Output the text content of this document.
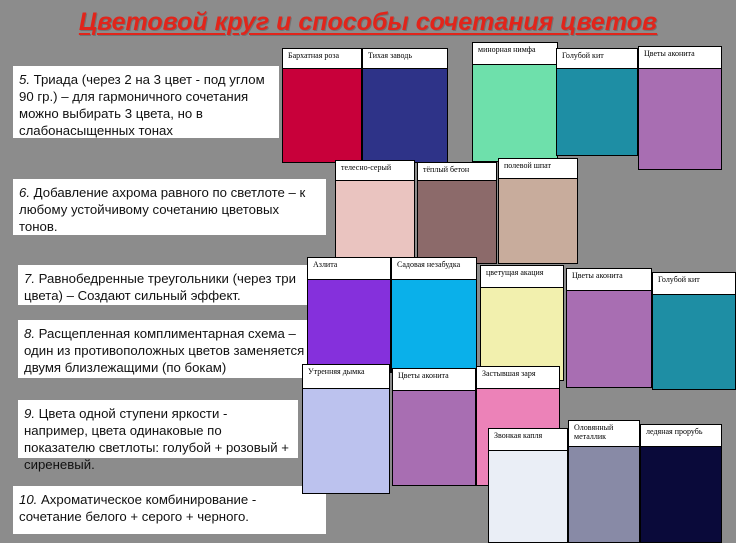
Цветовой круг и способы сочетания цветов
5. Триада (через 2 на 3 цвет - под углом 90 гр.) – для гармоничного сочетания можно выбирать 3 цвета, но в слабонасыщенных тонах
6. Добавление ахрома равного по светлоте – к любому устойчивому сочетанию цветовых тонов.
7. Равнобедренные треугольники (через три цвета) – Создают сильный эффект.
8. Расщепленная комплиментарная схема – один из противоположных цветов заменяется двумя близлежащими (по бокам)
9. Цвета одной ступени яркости - например, цвета одинаковые по показателю светлоты: голубой + розовый + сиреневый.
10. Ахроматическое комбинирование - сочетание белого + серого + черного.
Бархатная роза	Тихая заводь
минорная нимфа
Голубой кит	Цветы аконита
телесно-серый	тёплый бетон	полевой шпат
Азлита	Садовая незабудка
цветущая акация	Цветы аконита	Голубой кит
Утренняя дымка	Цветы аконита	Застывшая заря
Звонкая капля
Оловянный металлик
ледяная прорубь
